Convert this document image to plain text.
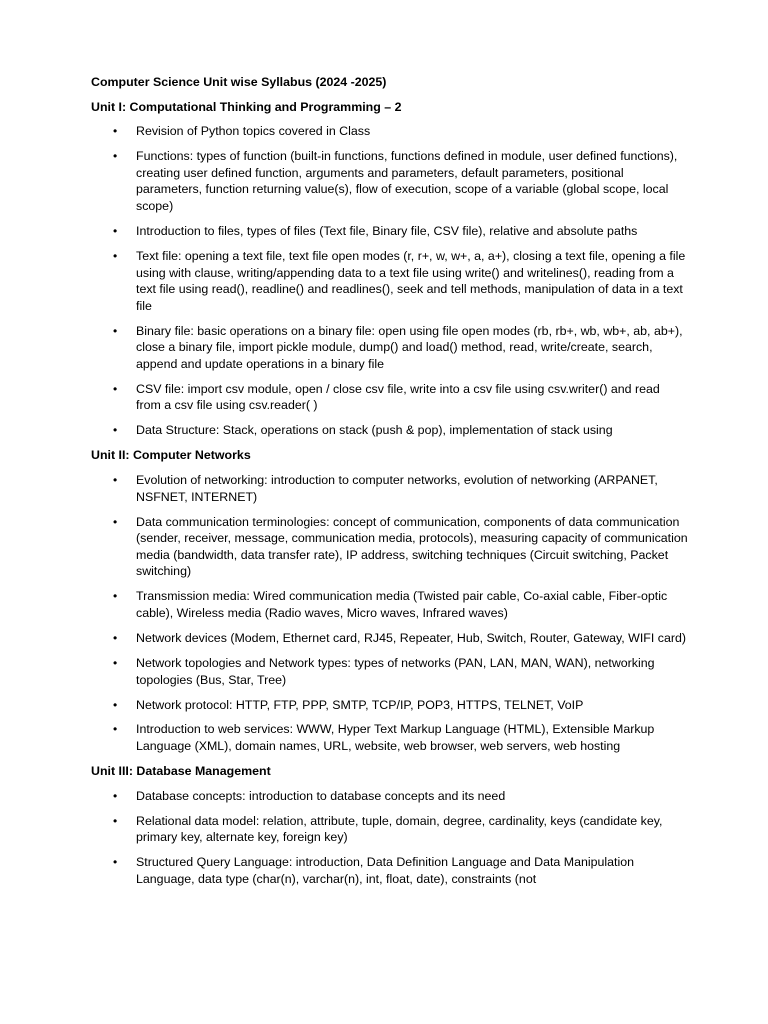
Computer Science Unit wise Syllabus (2024 -2025)

Unit I: Computational Thinking and Programming – 2

• Revision of Python topics covered in Class
• Functions: types of function (built-in functions, functions defined in module, user defined functions), creating user defined function, arguments and parameters, default parameters, positional parameters, function returning value(s), flow of execution, scope of a variable (global scope, local scope)
• Introduction to files, types of files (Text file, Binary file, CSV file), relative and absolute paths
• Text file: opening a text file, text file open modes (r, r+, w, w+, a, a+), closing a text file, opening a file using with clause, writing/appending data to a text file using write() and writelines(), reading from a text file using read(), readline() and readlines(), seek and tell methods, manipulation of data in a text file
• Binary file: basic operations on a binary file: open using file open modes (rb, rb+, wb, wb+, ab, ab+), close a binary file, import pickle module, dump() and load() method, read, write/create, search, append and update operations in a binary file
• CSV file: import csv module, open / close csv file, write into a csv file using csv.writer() and read from a csv file using csv.reader( )
• Data Structure: Stack, operations on stack (push & pop), implementation of stack using

Unit II: Computer Networks

• Evolution of networking: introduction to computer networks, evolution of networking (ARPANET, NSFNET, INTERNET)
• Data communication terminologies: concept of communication, components of data communication (sender, receiver, message, communication media, protocols), measuring capacity of communication media (bandwidth, data transfer rate), IP address, switching techniques (Circuit switching, Packet switching)
• Transmission media: Wired communication media (Twisted pair cable, Co-axial cable, Fiber-optic cable), Wireless media (Radio waves, Micro waves, Infrared waves)
• Network devices (Modem, Ethernet card, RJ45, Repeater, Hub, Switch, Router, Gateway, WIFI card)
• Network topologies and Network types: types of networks (PAN, LAN, MAN, WAN), networking topologies (Bus, Star, Tree)
• Network protocol: HTTP, FTP, PPP, SMTP, TCP/IP, POP3, HTTPS, TELNET, VoIP
• Introduction to web services: WWW, Hyper Text Markup Language (HTML), Extensible Markup Language (XML), domain names, URL, website, web browser, web servers, web hosting

Unit III: Database Management

• Database concepts: introduction to database concepts and its need
• Relational data model: relation, attribute, tuple, domain, degree, cardinality, keys (candidate key, primary key, alternate key, foreign key)
• Structured Query Language: introduction, Data Definition Language and Data Manipulation Language, data type (char(n), varchar(n), int, float, date), constraints (not
